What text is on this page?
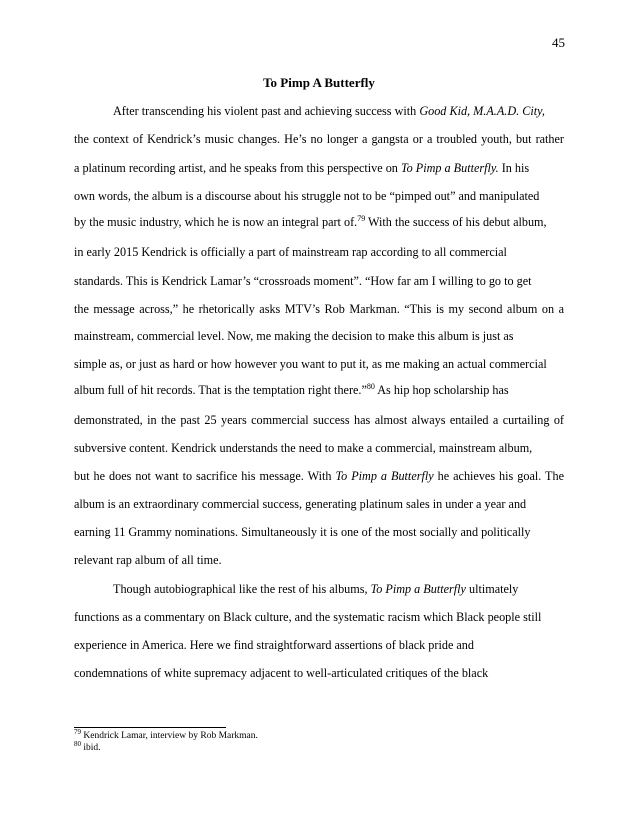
45
To Pimp A Butterfly
After transcending his violent past and achieving success with Good Kid, M.A.A.D. City,
the context of Kendrick’s music changes. He’s no longer a gangsta or a troubled youth, but rather
a platinum recording artist, and he speaks from this perspective on To Pimp a Butterfly. In his
own words, the album is a discourse about his struggle not to be “pimped out” and manipulated
by the music industry, which he is now an integral part of.$^{79}$ With the success of his debut album,
in early 2015 Kendrick is officially a part of mainstream rap according to all commercial
standards. This is Kendrick Lamar’s “crossroads moment”. “How far am I willing to go to get
the message across,” he rhetorically asks MTV’s Rob Markman. “This is my second album on a
mainstream, commercial level. Now, me making the decision to make this album is just as
simple as, or just as hard or how however you want to put it, as me making an actual commercial
album full of hit records. That is the temptation right there.”$^{80}$ As hip hop scholarship has
demonstrated, in the past 25 years commercial success has almost always entailed a curtailing of
subversive content. Kendrick understands the need to make a commercial, mainstream album,
but he does not want to sacrifice his message. With To Pimp a Butterfly he achieves his goal. The
album is an extraordinary commercial success, generating platinum sales in under a year and
earning 11 Grammy nominations. Simultaneously it is one of the most socially and politically
relevant rap album of all time.
Though autobiographical like the rest of his albums, To Pimp a Butterfly ultimately
functions as a commentary on Black culture, and the systematic racism which Black people still
experience in America. Here we find straightforward assertions of black pride and
condemnations of white supremacy adjacent to well-articulated critiques of the black
$^{79}$ Kendrick Lamar, interview by Rob Markman.
$^{80}$ ibid.
